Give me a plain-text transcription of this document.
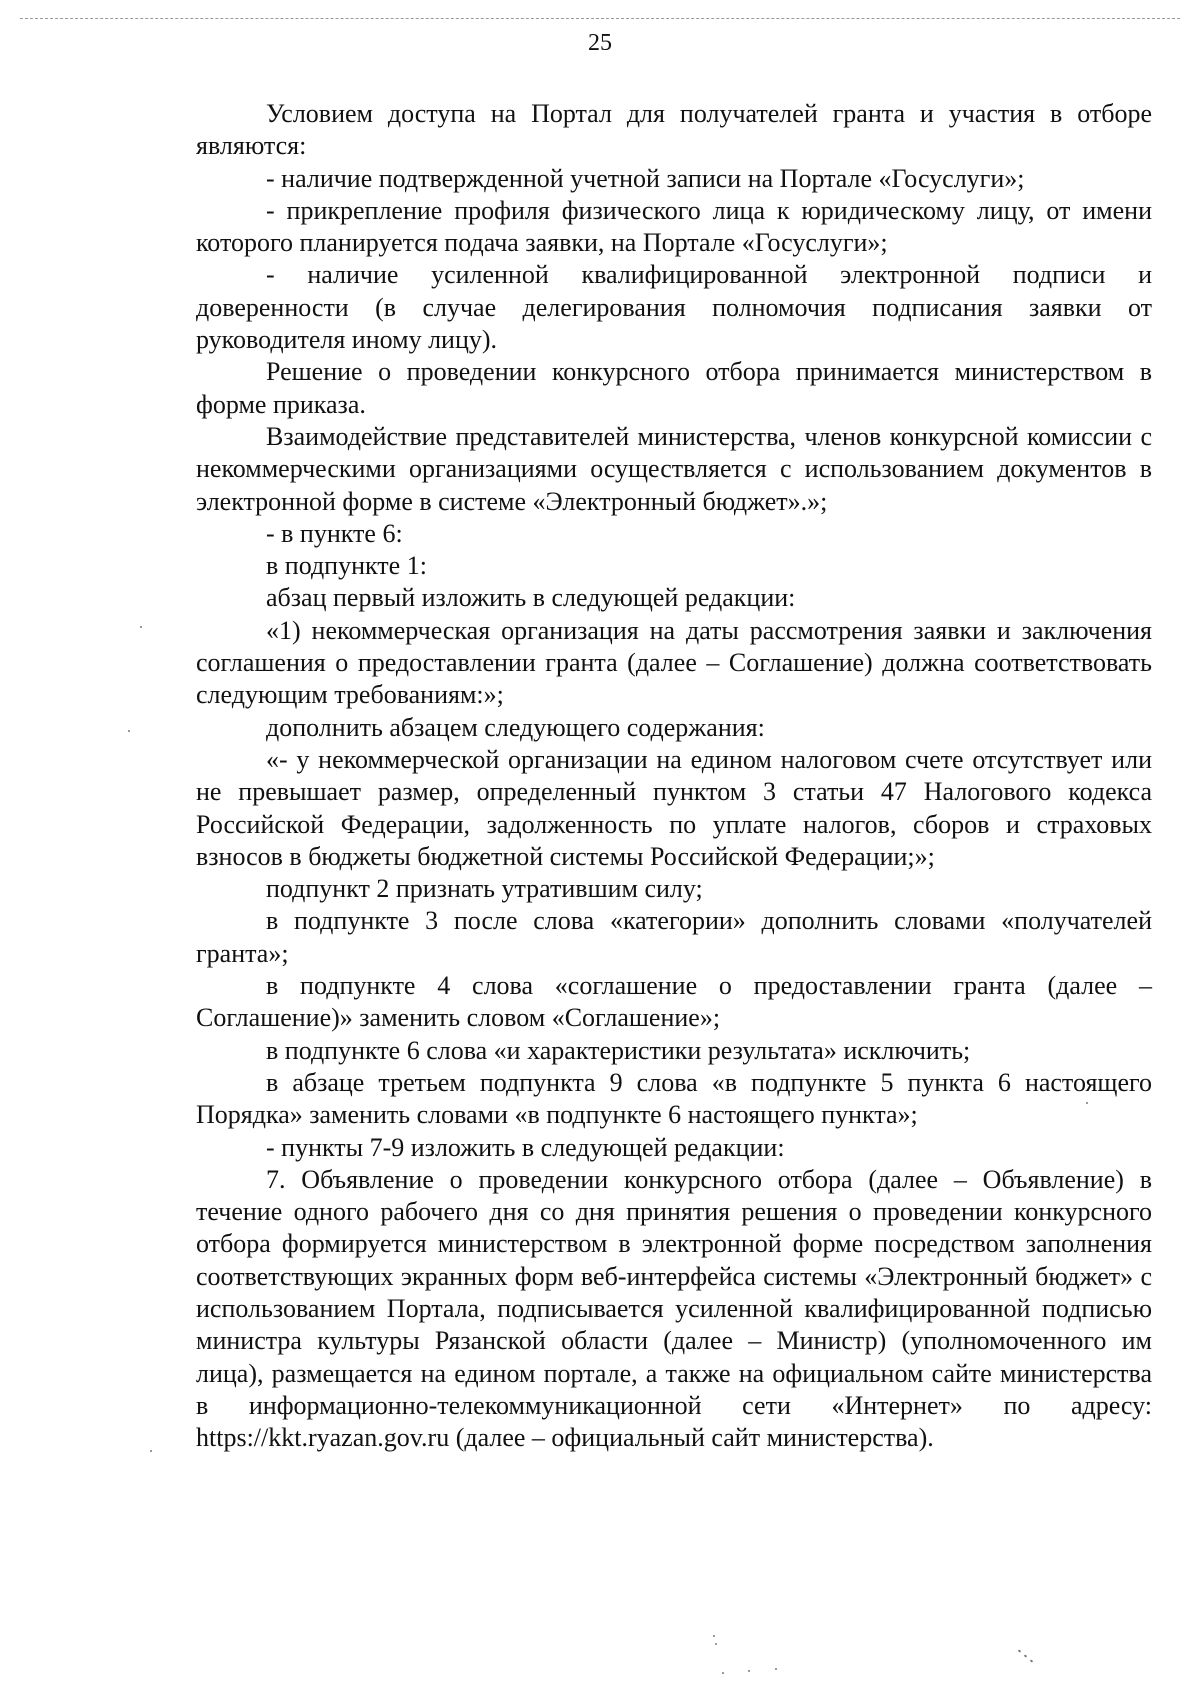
25

Условием доступа на Портал для получателей гранта и участия в отборе являются:

- наличие подтвержденной учетной записи на Портале «Госуслуги»;

- прикрепление профиля физического лица к юридическому лицу, от имени которого планируется подача заявки, на Портале «Госуслуги»;

- наличие усиленной квалифицированной электронной подписи и доверенности (в случае делегирования полномочия подписания заявки от руководителя иному лицу).

Решение о проведении конкурсного отбора принимается министерством в форме приказа.

Взаимодействие представителей министерства, членов конкурсной комиссии с некоммерческими организациями осуществляется с использованием документов в электронной форме в системе «Электронный бюджет».»;

- в пункте 6:

в подпункте 1:

абзац первый изложить в следующей редакции:

«1) некоммерческая организация на даты рассмотрения заявки и заключения соглашения о предоставлении гранта (далее – Соглашение) должна соответствовать следующим требованиям:»;

дополнить абзацем следующего содержания:

«- у некоммерческой организации на едином налоговом счете отсутствует или не превышает размер, определенный пунктом 3 статьи 47 Налогового кодекса Российской Федерации, задолженность по уплате налогов, сборов и страховых взносов в бюджеты бюджетной системы Российской Федерации;»;

подпункт 2 признать утратившим силу;

в подпункте 3 после слова «категории» дополнить словами «получателей гранта»;

в подпункте 4 слова «соглашение о предоставлении гранта (далее – Соглашение)» заменить словом «Соглашение»;

в подпункте 6 слова «и характеристики результата» исключить;

в абзаце третьем подпункта 9 слова «в подпункте 5 пункта 6 настоящего Порядка» заменить словами «в подпункте 6 настоящего пункта»;

- пункты 7-9 изложить в следующей редакции:

7. Объявление о проведении конкурсного отбора (далее – Объявление) в течение одного рабочего дня со дня принятия решения о проведении конкурсного отбора формируется министерством в электронной форме посредством заполнения соответствующих экранных форм веб-интерфейса системы «Электронный бюджет» с использованием Портала, подписывается усиленной квалифицированной подписью министра культуры Рязанской области (далее – Министр) (уполномоченного им лица), размещается на едином портале, а также на официальном сайте министерства в информационно-телекоммуникационной сети «Интернет» по адресу: https://kkt.ryazan.gov.ru (далее – официальный сайт министерства).
